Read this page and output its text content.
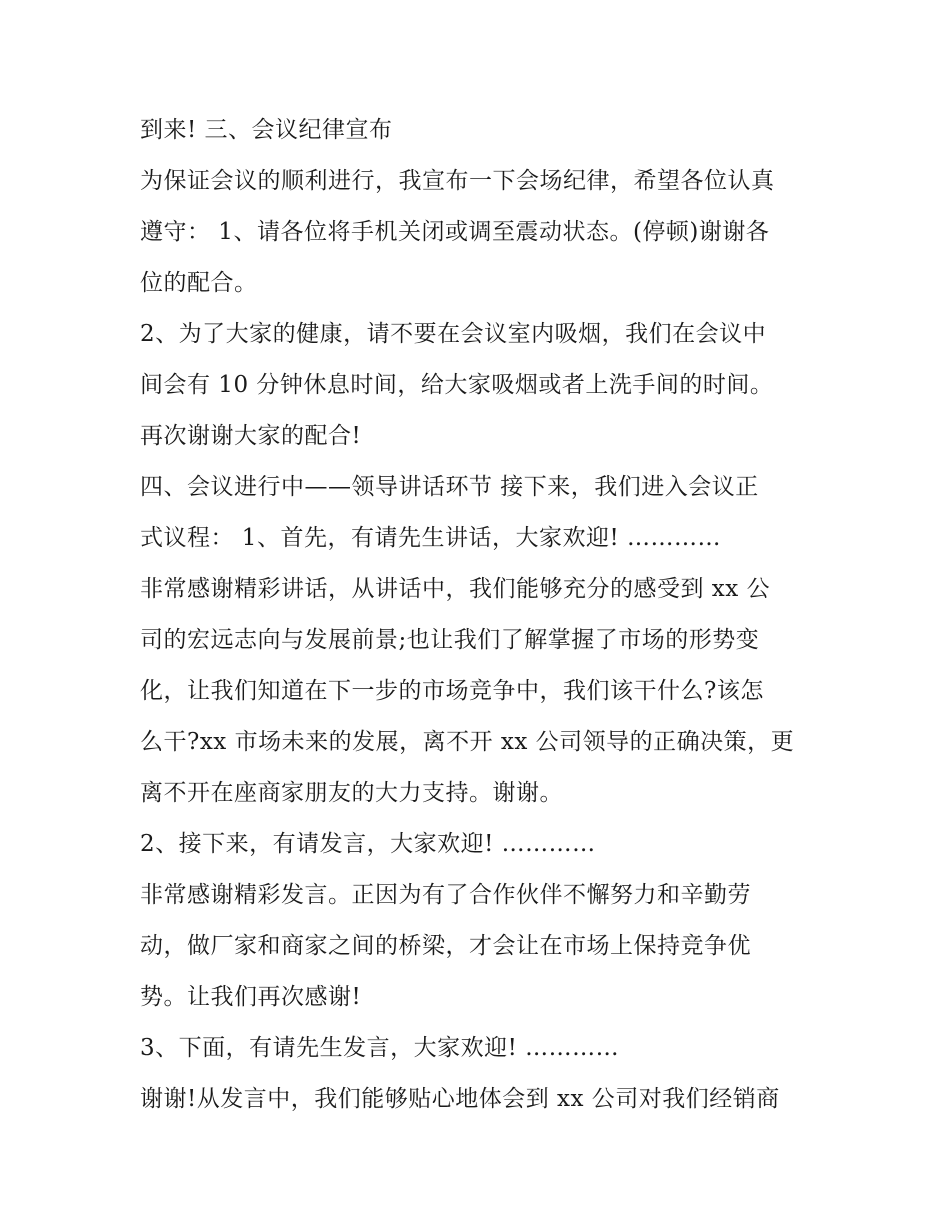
到来! 三、会议纪律宣布

为保证会议的顺利进行，我宣布一下会场纪律，希望各位认真

遵守： 1、请各位将手机关闭或调至震动状态。(停顿)谢谢各

位的配合。

2、为了大家的健康，请不要在会议室内吸烟，我们在会议中

间会有 10 分钟休息时间，给大家吸烟或者上洗手间的时间。

再次谢谢大家的配合!

四、会议进行中——领导讲话环节 接下来，我们进入会议正

式议程： 1、首先，有请先生讲话，大家欢迎! …………

非常感谢精彩讲话，从讲话中，我们能够充分的感受到 xx 公

司的宏远志向与发展前景;也让我们了解掌握了市场的形势变

化，让我们知道在下一步的市场竞争中，我们该干什么?该怎

么干?xx 市场未来的发展，离不开 xx 公司领导的正确决策，更

离不开在座商家朋友的大力支持。谢谢。

2、接下来，有请发言，大家欢迎! …………

非常感谢精彩发言。正因为有了合作伙伴不懈努力和辛勤劳

动，做厂家和商家之间的桥梁，才会让在市场上保持竞争优

势。让我们再次感谢!

3、下面，有请先生发言，大家欢迎! …………

谢谢!从发言中，我们能够贴心地体会到 xx 公司对我们经销商
